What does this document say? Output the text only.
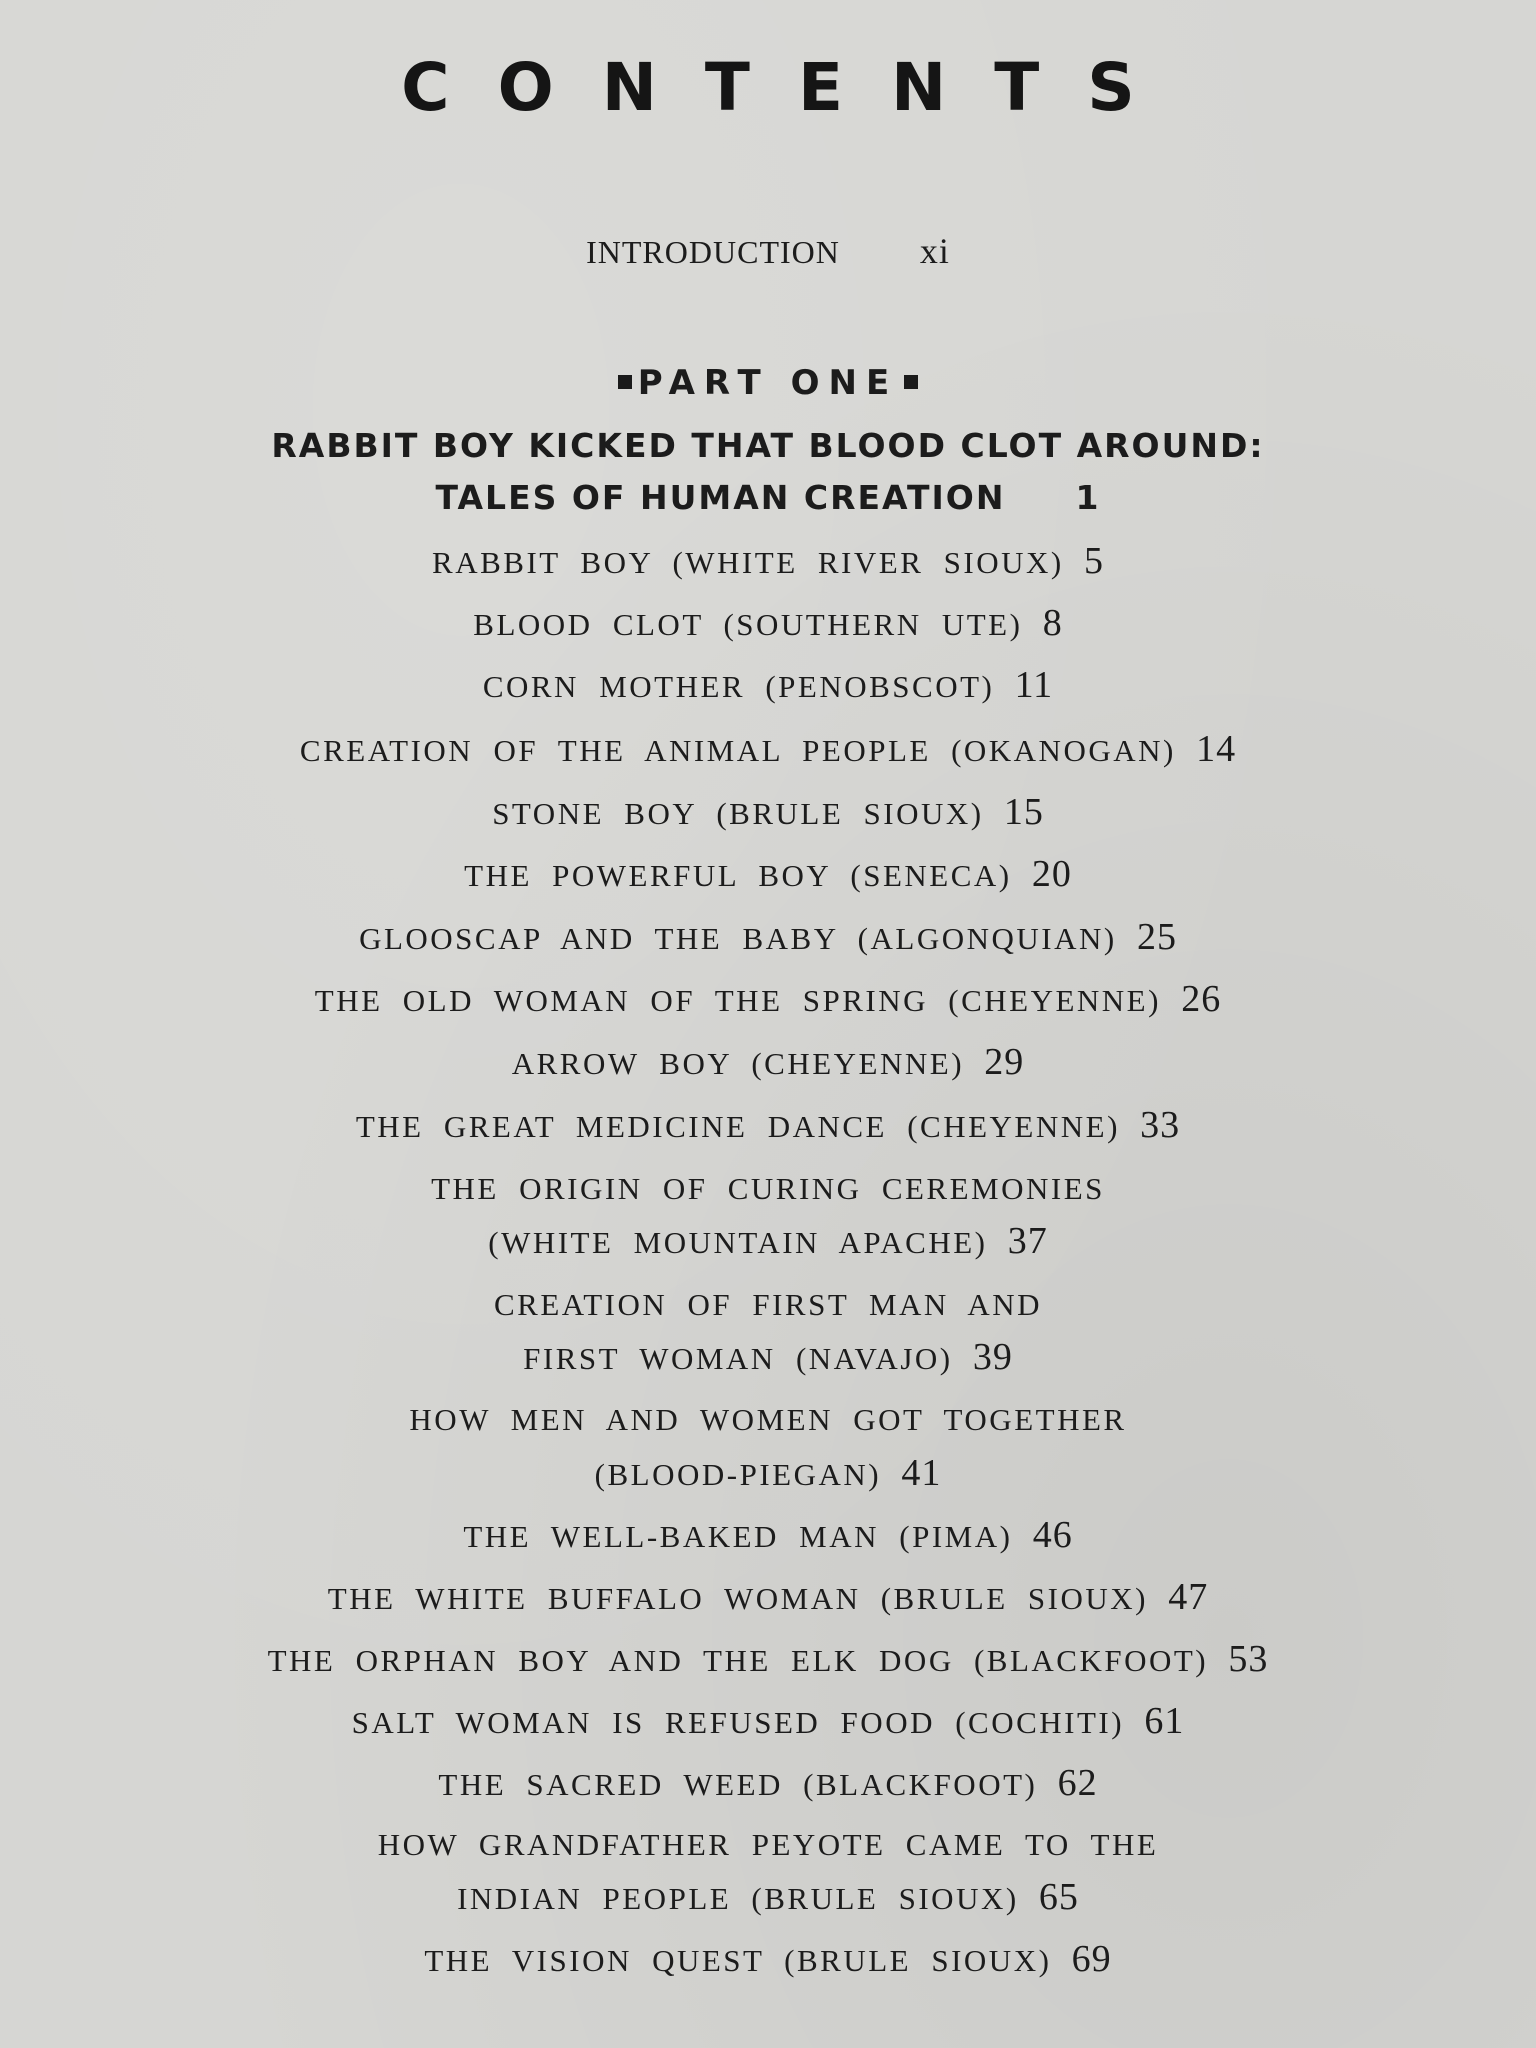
CONTENTS
INTRODUCTION xi
PART ONE
RABBIT BOY KICKED THAT BLOOD CLOT AROUND:
TALES OF HUMAN CREATION 1
RABBIT BOY (WHITE RIVER SIOUX) 5
BLOOD CLOT (SOUTHERN UTE) 8
CORN MOTHER (PENOBSCOT) 11
CREATION OF THE ANIMAL PEOPLE (OKANOGAN) 14
STONE BOY (BRULE SIOUX) 15
THE POWERFUL BOY (SENECA) 20
GLOOSCAP AND THE BABY (ALGONQUIAN) 25
THE OLD WOMAN OF THE SPRING (CHEYENNE) 26
ARROW BOY (CHEYENNE) 29
THE GREAT MEDICINE DANCE (CHEYENNE) 33
THE ORIGIN OF CURING CEREMONIES
(WHITE MOUNTAIN APACHE) 37
CREATION OF FIRST MAN AND
FIRST WOMAN (NAVAJO) 39
HOW MEN AND WOMEN GOT TOGETHER
(BLOOD-PIEGAN) 41
THE WELL-BAKED MAN (PIMA) 46
THE WHITE BUFFALO WOMAN (BRULE SIOUX) 47
THE ORPHAN BOY AND THE ELK DOG (BLACKFOOT) 53
SALT WOMAN IS REFUSED FOOD (COCHITI) 61
THE SACRED WEED (BLACKFOOT) 62
HOW GRANDFATHER PEYOTE CAME TO THE
INDIAN PEOPLE (BRULE SIOUX) 65
THE VISION QUEST (BRULE SIOUX) 69
